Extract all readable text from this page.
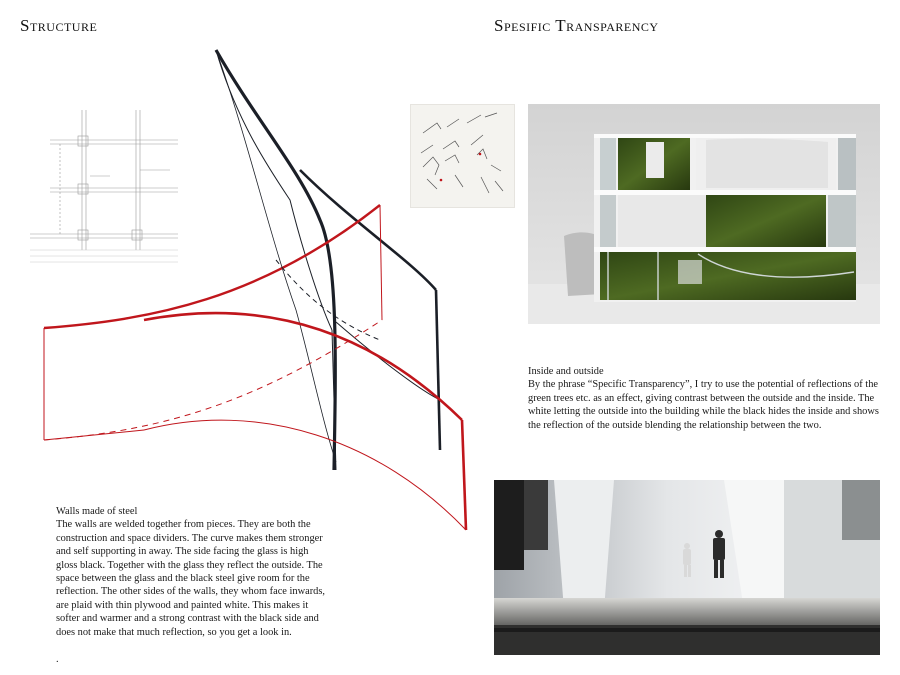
Structure	Spesific Transparency
Inside and outside
By the phrase “Specific Transparency”, I try to use the potential of reflections of the green trees etc. as an effect, giving contrast between the outside and the inside. The white letting the outside into the building while the black hides the inside and shows the reflection of the outside blending the relationship between the two.
Walls made of steel
The walls are welded together from pieces. They are both the construction and space dividers. The curve makes them stronger and self supporting in away. The side facing the glass is high gloss black. Together with the glass they reflect the outside. The space between the glass and the black steel give room for the reflection. The other sides of the walls, they whom face inwards, are plaid with thin plywood and painted white. This makes it softer and warmer and a strong contrast with the black side and does not make that much reflection, so you get a look in.
.
